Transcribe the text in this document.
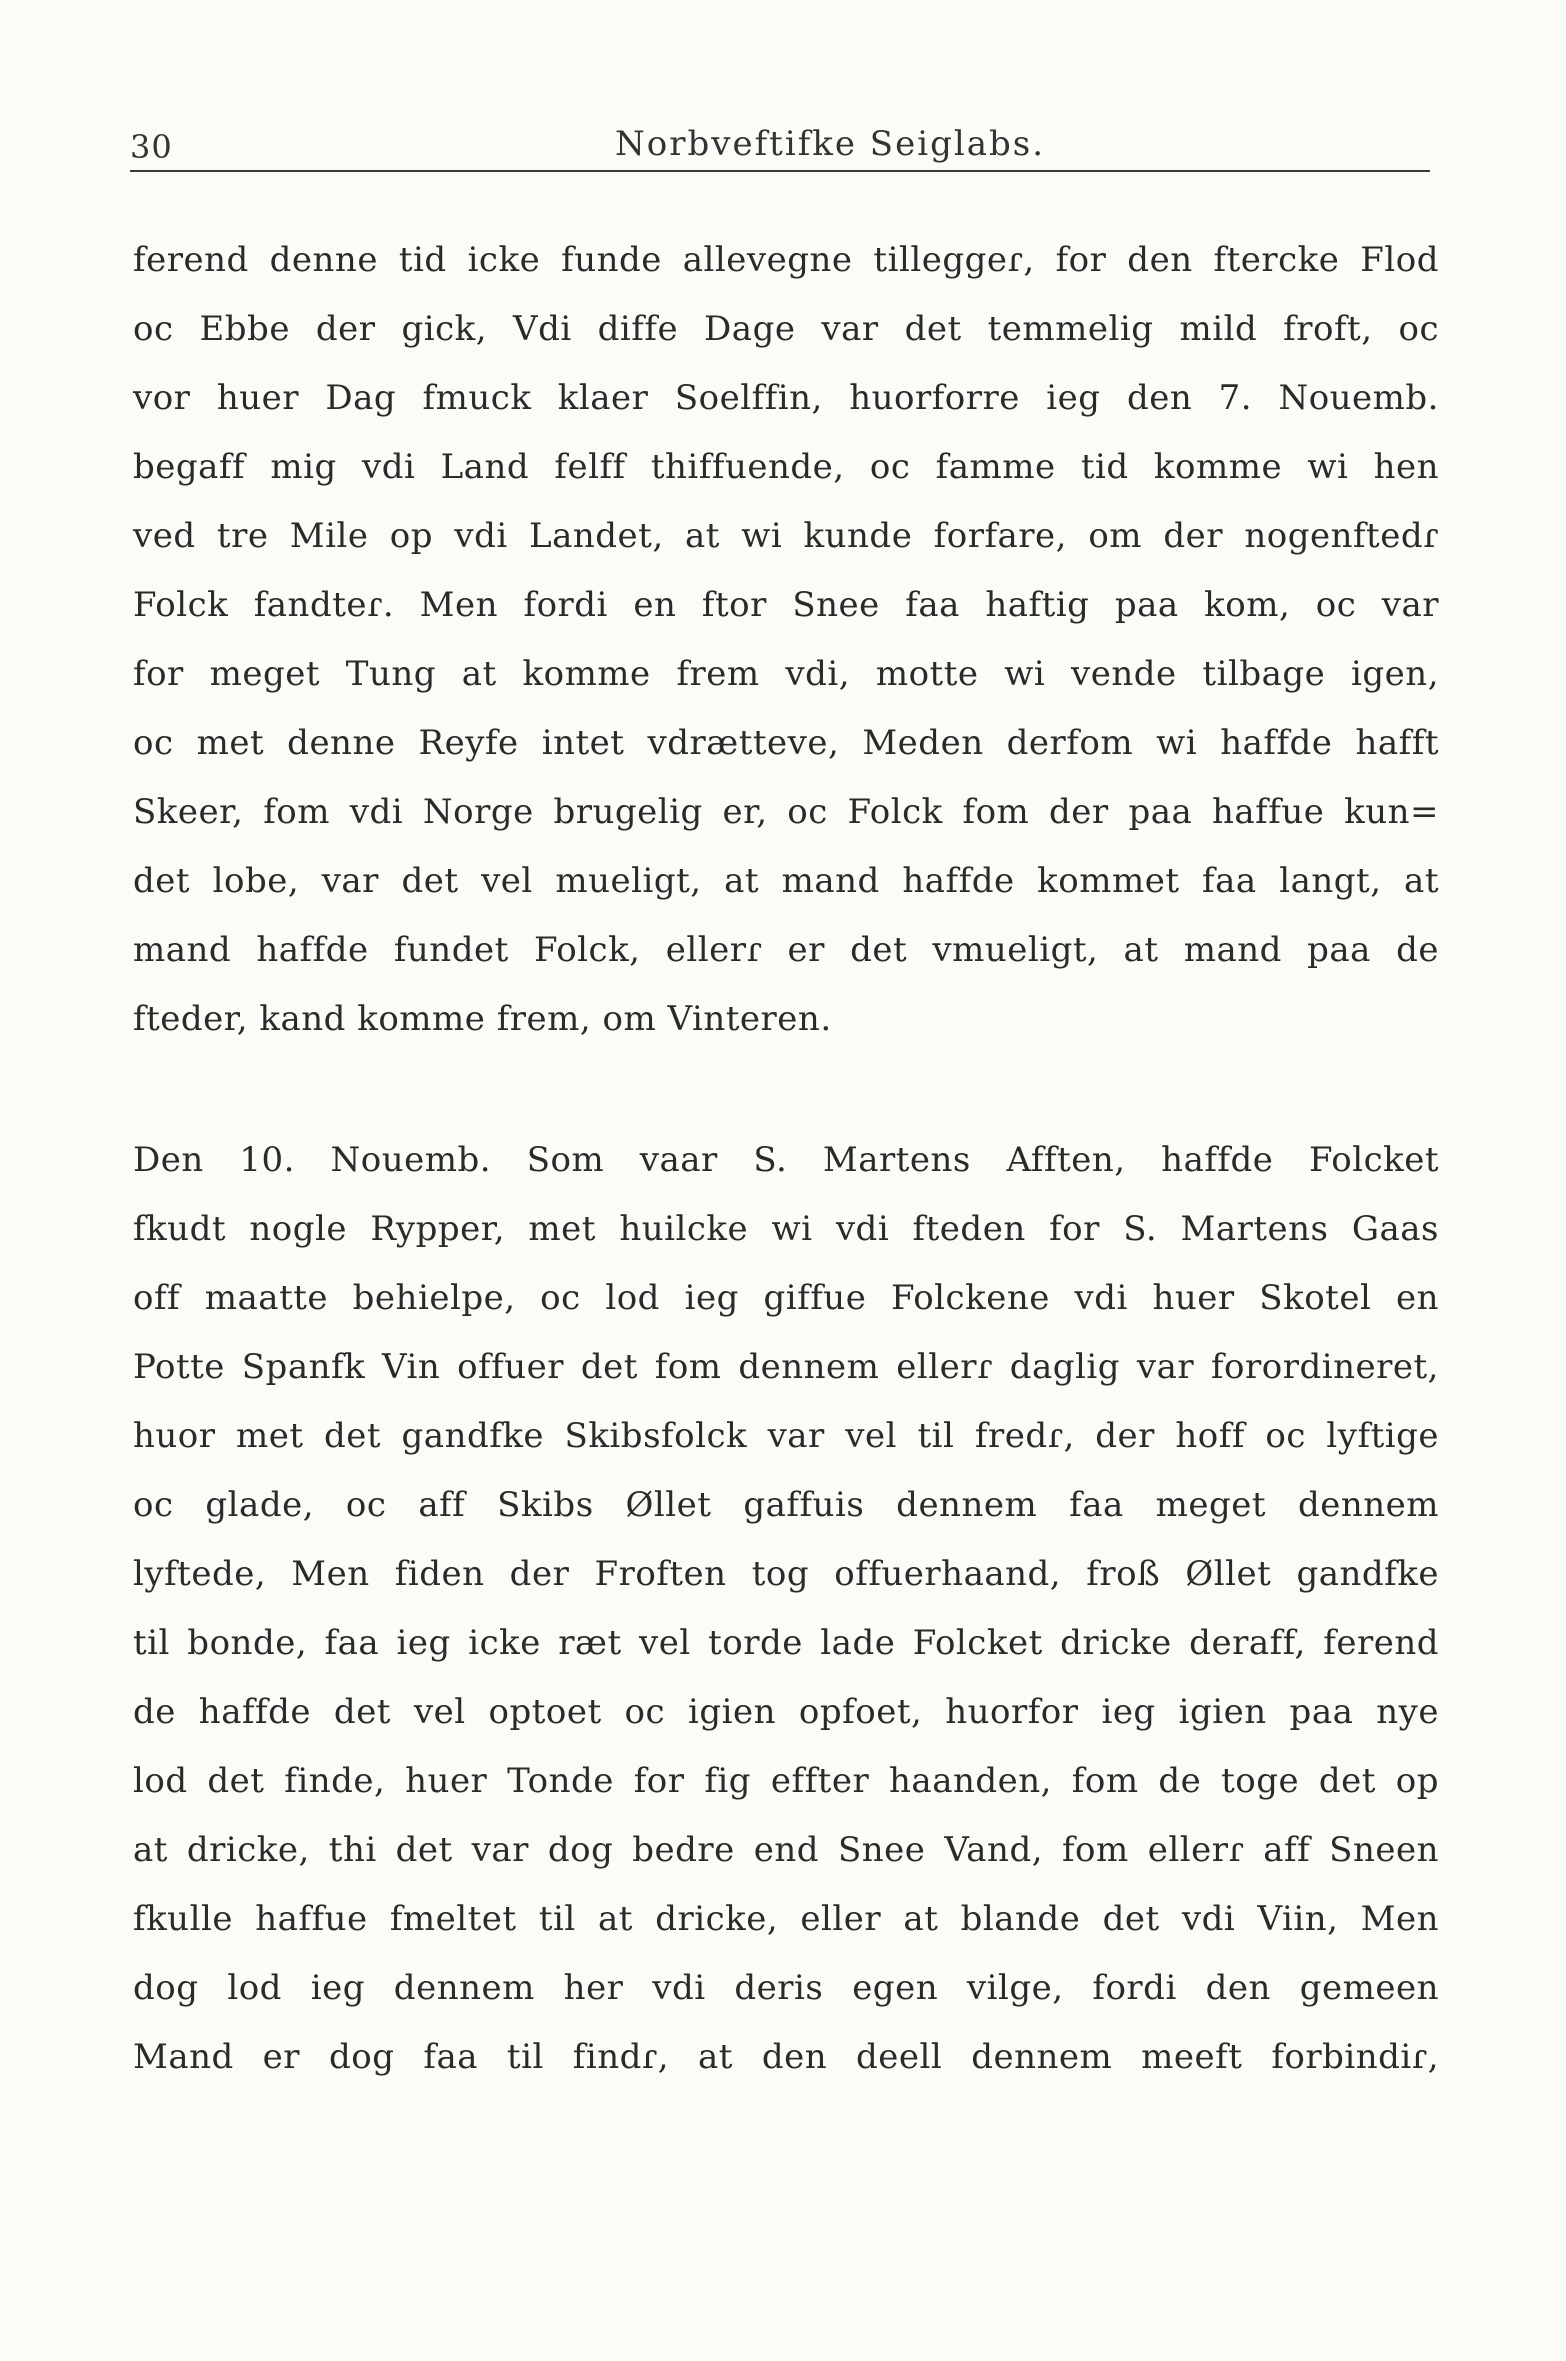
30	Norbveftifke Seiglabs.
ferend denne tid icke funde allevegne tilleggeɾ, for den ftercke Flod
oc Ebbe der gick, Vdi diffe Dage var det temmelig mild froft, oc
vor huer Dag fmuck klaer Soelffin, huorforre ieg den 7. Nouemb.
begaff mig vdi Land felff thiffuende, oc famme tid komme wi hen
ved tre Mile op vdi Landet, at wi kunde forfare, om der nogenftedɾ
Folck fandteɾ. Men fordi en ftor Snee faa haftig paa kom, oc var
for meget Tung at komme frem vdi, motte wi vende tilbage igen,
oc met denne Reyfe intet vdrætteve, Meden derfom wi haffde hafft
Skeer, fom vdi Norge brugelig er, oc Folck fom der paa haffue kun=
det lobe, var det vel mueligt, at mand haffde kommet faa langt, at
mand haffde fundet Folck, ellerɾ er det vmueligt, at mand paa de
fteder, kand komme frem, om Vinteren.
Den 10. Nouemb. Som vaar S. Martens Afften, haffde Folcket
fkudt nogle Rypper, met huilcke wi vdi fteden for S. Martens Gaas
off maatte behielpe, oc lod ieg giffue Folckene vdi huer Skotel en
Potte Spanfk Vin offuer det fom dennem ellerɾ daglig var forordineret,
huor met det gandfke Skibsfolck var vel til fredɾ, der hoff oc lyftige
oc glade, oc aff Skibs Øllet gaffuis dennem faa meget dennem
lyftede, Men fiden der Froften tog offuerhaand, froß Øllet gandfke
til bonde, faa ieg icke ræt vel torde lade Folcket dricke deraff, ferend
de haffde det vel optoet oc igien opfoet, huorfor ieg igien paa nye
lod det finde, huer Tonde for fig effter haanden, fom de toge det op
at dricke, thi det var dog bedre end Snee Vand, fom ellerɾ aff Sneen
fkulle haffue fmeltet til at dricke, eller at blande det vdi Viin, Men
dog lod ieg dennem her vdi deris egen vilge, fordi den gemeen
Mand er dog faa til findɾ, at den deell dennem meeft forbindiɾ,
